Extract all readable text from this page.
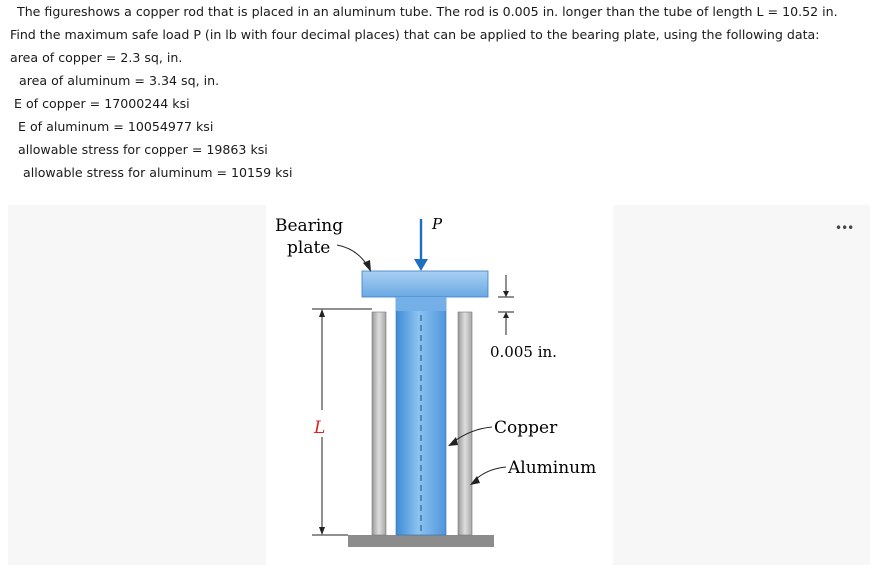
The figureshows a copper rod that is placed in an aluminum tube. The rod is 0.005 in. longer than the tube of length L = 10.52 in.
Find the maximum safe load P (in lb with four decimal places) that can be applied to the bearing plate, using the following data:
area of copper = 2.3 sq, in.
area of aluminum = 3.34 sq, in.
E of copper = 17000244 ksi
E of aluminum = 10054977 ksi
allowable stress for copper = 19863 ksi
allowable stress for aluminum = 10159 ksi
•••
P
Bearing
plate
0.005 in.
L	Copper
Aluminum
